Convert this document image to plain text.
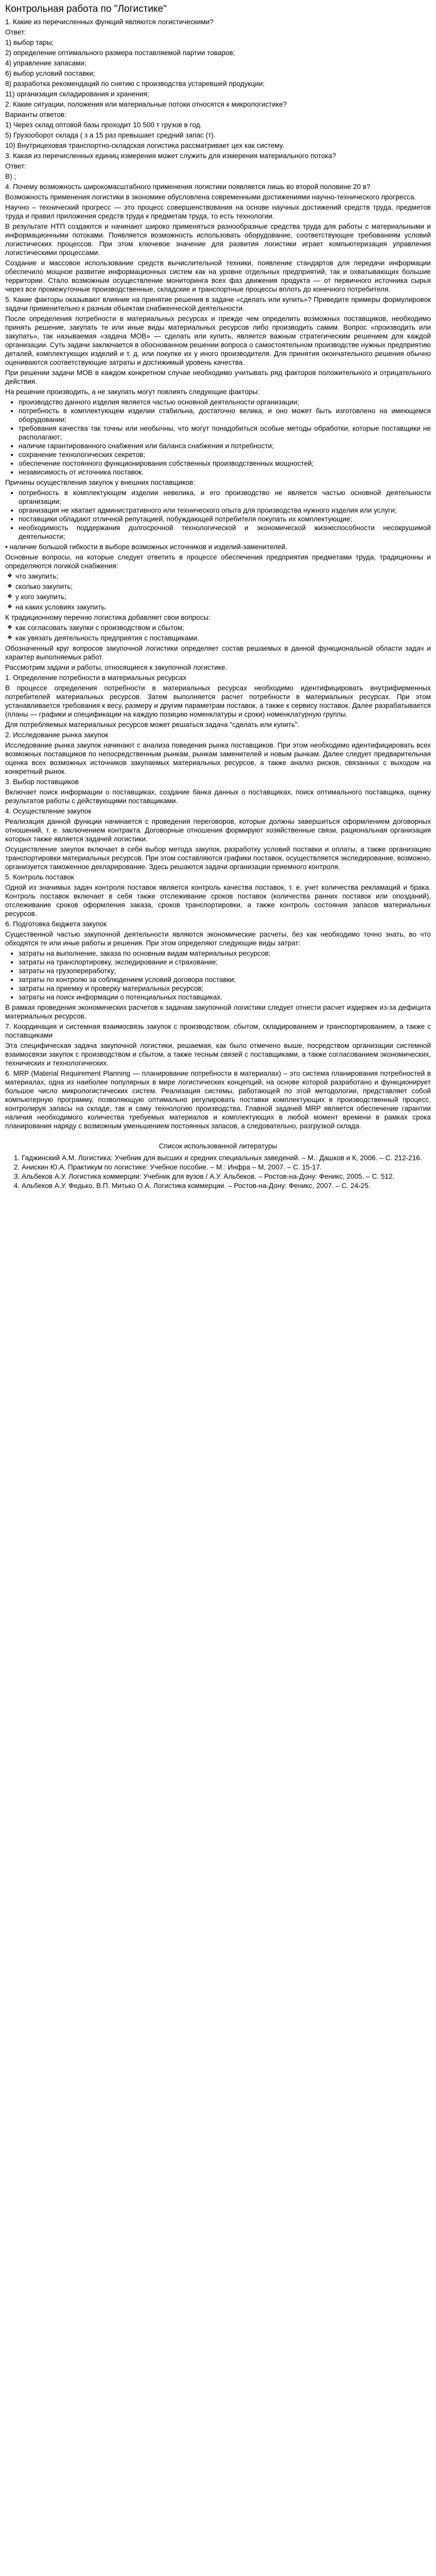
Контрольная работа по "Логистике"

1. Какие из перечисленных функций являются логистическими?

Ответ:

1) выбор тары;

2) определение оптимального размера поставляемой партии товаров;

4) управление запасами;

6) выбор условий поставки;

8) разработка рекомендаций по снятию с производства устаревшей продукции;

11) организация складирования и хранения;

2. Какие ситуации, положения или материальные потоки относятся к микрологистике?

Варианты ответов:

1) Через склад оптовой базы проходит 10 500 т грузов в год.

5) Грузооборот склада ( з а 15 раз превышает средний запас (т).

10) Внутрицеховая транспортно-складская логистика рассматривает цех как систему.

3. Какая из перечисленных единиц измерения может служить для измерения материального потока?

Ответ:

B) ;

4. Почему возможность широкомасштабного применения логистики появляется лишь во второй половине 20 в?

Возможность применения логистики в экономике обусловлена современными достижениями научно-технического прогресса.

Научно – технический прогресс — это процесс совершенствования на основе научных достижений средств труда, предметов труда и правил приложения средств труда к предметам труда, то есть технологии.

В результате НТП создаются и начинают широко применяться разнообразные средства труда для работы с материальными и информационными потоками. Появляется возможность использовать оборудование, соответствующее требованиям условий логистических процессов. При этом ключевое значение для развития логистики играет компьютеризация управления логистическими процессами.

Создание и массовое использование средств вычислительной техники, появление стандартов для передачи информации обеспечило мощное развитие информационных систем как на уровне отдельных предприятий, так и охватывающих большие территории. Стало возможным осуществление мониторинга всех фаз движения продукта — от первичного источника сырья через все промежуточные производственные, складские и транспортные процессы вплоть до конечного потребителя.

5. Какие факторы оказывают влияние на принятие решения в задаче «сделать или купить»? Приведите примеры формулировок задачи применительно к разным объектам снабженческой деятельности.

После определения потребности в материальных ресурсах и прежде чем определить возможных поставщиков, необходимо принять решение, закупать те или иные виды материальных ресурсов либо производить самим. Вопрос «производить или закупать», так называемая «задача MOB» — сделать или купить, является важным стратегическим решением для каждой организации. Суть задачи заключается в обоснованном решении вопроса о самостоятельном производстве нужных предприятию деталей, комплектующих изделий и т. д. или покупке их у иного производителя. Для принятия окончательного решения обычно оцениваются соответствующие затраты и достижимый уровень качества.

При решении задачи MOB в каждом конкретном случае необходимо учитывать ряд факторов положительного и отрицательного действия.

На решение производить, а не закупать могут повлиять следующие факторы:

• производство данного изделия является частью основной деятельности организации;
• потребность в комплектующем изделии стабильна, достаточно велика, и оно может быть изготовлено на имеющемся оборудовании;
• требования качества так точны или необычны, что могут понадобиться особые методы обработки, которые поставщики не располагают;
• наличие гарантированного снабжения или баланса снабжения и потребности;
• сохранение технологических секретов;
• обеспечение постоянного функционирования собственных производственных мощностей;
• независимость от источника поставок.

Причины осуществления закупок у внешних поставщиков:

• потребность в комплектующем изделии невелика, и его производство не является частью основной деятельности организации;
• организация не хватает административного или технического опыта для производства нужного изделия или услуги;
• поставщики обладают отличной репутацией, побуждающей потребителя покупать их комплектующие;
• необходимость поддержания долгосрочной технологической и экономической жизнеспособности несокрушимой деятельности;

• наличие большой гибкости в выборе возможных источников и изделий-заменителей.

Основные вопросы, на которые следует ответить в процессе обеспечения предприятия предметами труда, традиционны и определяются логикой снабжения:

❖ что закупить;
❖ сколько закупить;
❖ у кого закупить;
❖ на каких условиях закупить.

К традиционному перечню логистика добавляет свои вопросы:

❖ как согласовать закупки с производством и сбытом;
❖ как увязать деятельность предприятия с поставщиками.

Обозначенный круг вопросов закупочной логистики определяет состав решаемых в данной функциональной области задач и характер выполняемых работ.

Рассмотрим задачи и работы, относящиеся к закупочной логистике.

1. Определение потребности в материальных ресурсах

В процессе определения потребности в материальных ресурсах необходимо идентифицировать внутрифирменных потребителей материальных ресурсов. Затем выполняется расчет потребности в материальных ресурсах. При этом устанавливается требования к весу, размеру и другим параметрам поставок, а также к сервису поставок. Далее разрабатывается (планы — графики и спецификации на каждую позицию номенклатуры и сроки) номенклатурную группы.

Для потребляемых материальных ресурсов может решаться задача "сделать или купить".

2. Исследование рынка закупок

Исследование рынка закупок начинают с анализа поведения рынка поставщиков. При этом необходимо идентифицировать всех возможных поставщиков по непосредственным рынкам, рынкам заменителей и новым рынкам. Далее следует предварительная оценка всех возможных источников закупаемых материальных ресурсов, а также анализ рисков, связанных с выходом на конкретный рынок.

3. Выбор поставщиков

Включает поиск информации о поставщиках, создание банка данных о поставщиках, поиск оптимального поставщика, оценку результатов работы с действующими поставщиками.

4. Осуществление закупок

Реализация данной функции начинается с проведения переговоров, которые должны завершиться оформлением договорных отношений, т. е. заключением контракта. Договорные отношения формируют хозяйственные связи, рациональная организация которых также является задачей логистики.

Осуществление закупок включает в себя выбор метода закупок, разработку условий поставки и оплаты, а также организацию транспортировки материальных ресурсов. При этом составляются графики поставок, осуществляется экспедирование, возможно, организуется таможенное декларирование. Здесь решаются задачи организации приемного контроля.

5. Контроль поставок

Одной из значимых задач контроля поставок является контроль качества поставок, т. е. учет количества рекламаций и брака. Контроль поставок включает в себя также отслеживание сроков поставок (количества ранних поставок или опозданий), отслеживание сроков оформления заказа, сроков транспортировки, а также контроль состояния запасов материальных ресурсов.

6. Подготовка бюджета закупок

Существенной частью закупочной деятельности являются экономические расчеты, без как необходимо точно знать, во что обходятся те или иные работы и решения. При этом определяют следующие виды затрат:

• затраты на выполнение, заказа по основным видам материальных ресурсов;
• затраты на транспортировку, экспедирование и страхование;
• затраты на грузопереработку;
• затраты по контролю за соблюдением условий договора поставки;
• затраты на приемку и проверку материальных ресурсов;
• затраты на поиск информации о потенциальных поставщиках.

В рамках проведения экономических расчетов к задачам закупочной логистики следует отнести расчет издержек из-за дефицита материальных ресурсов.

7. Координация и системная взаимосвязь закупок с производством, сбытом, складированием и транспортированием, а также с поставщиками

Эта специфическая задача закупочной логистики, решаемая, как было отмечено выше, посредством организации системной взаимосвязи закупок с производством и сбытом, а также тесным связей с поставщиками, а также согласованием экономических, технических и технологических.

6. MRP (Material Requirement Planning — планирование потребности в материалах) – это система планирования потребностей в материалах, одна из наиболее популярных в мире логистических концепций, на основе которой разработано и функционирует большое число микрологистических систем. Реализация системы, работающей по этой методологии, представляет собой компьютерную программу, позволяющую оптимально регулировать поставки комплектующих в производственный процесс, контролируя запасы на складе, так и саму технологию производства. Главной задачей MRP является обеспечение гарантии наличия необходимого количества требуемых материалов и комплектующих в любой момент времени в рамках срока планирования наряду с возможным уменьшением постоянных запасов, а следовательно, разгрузкой склада.

Список использованной литературы

1. Гаджинский А.М. Логистика: Учебник для высших и средних специальных заведений. – М.: Дашков и К, 2006. – С. 212-216.
2. Анискин Ю.А. Практикум по логистике: Учебное пособие. – М.: Инфра – М, 2007. – С. 15-17.
3. Альбеков А.У. Логистика коммерции: Учебник для вузов / А.У. Альбеков. – Ростов-на-Дону: Феникс, 2005. – С. 512.
4. Альбеков А.У. Федько, В.П. Митько О.А. Логистика коммерции. – Ростов-на-Дону: Феникс, 2007. – С. 24-25.
